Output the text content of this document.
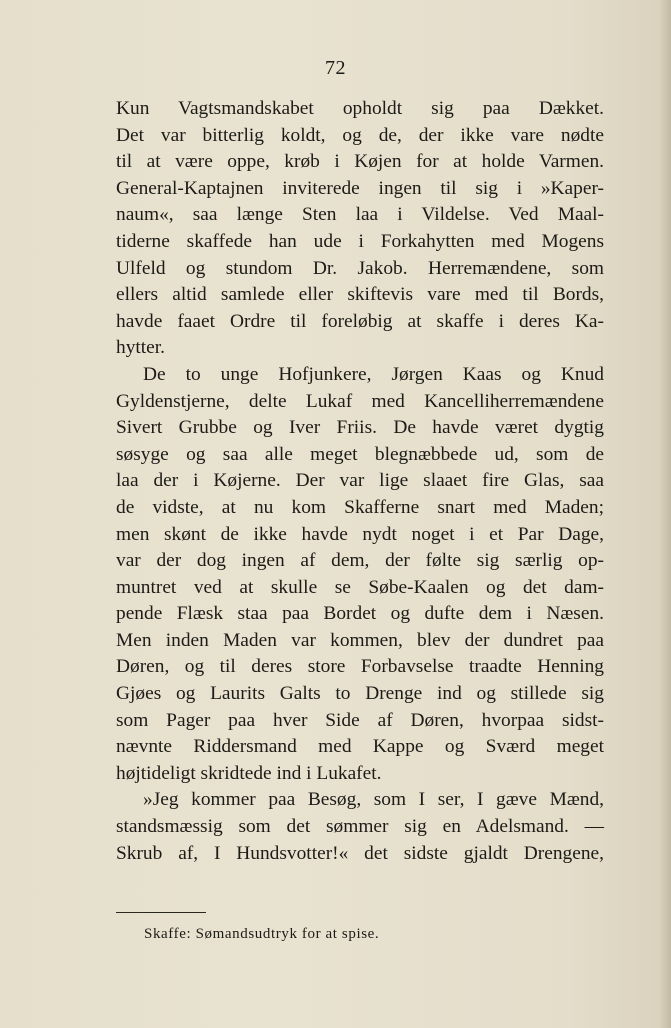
72
Kun Vagtsmandskabet opholdt sig paa Dækket.
Det var bitterlig koldt, og de, der ikke vare nødte
til at være oppe, krøb i Køjen for at holde Varmen.
General-Kaptajnen inviterede ingen til sig i »Kaper-
naum«, saa længe Sten laa i Vildelse. Ved Maal-
tiderne skaffede han ude i Forkahytten med Mogens
Ulfeld og stundom Dr. Jakob. Herremændene, som
ellers altid samlede eller skiftevis vare med til Bords,
havde faaet Ordre til foreløbig at skaffe i deres Ka-
hytter.
De to unge Hofjunkere, Jørgen Kaas og Knud
Gyldenstjerne, delte Lukaf med Kancelliherremændene
Sivert Grubbe og Iver Friis. De havde været dygtig
søsyge og saa alle meget blegnæbbede ud, som de
laa der i Køjerne. Der var lige slaaet fire Glas, saa
de vidste, at nu kom Skafferne snart med Maden;
men skønt de ikke havde nydt noget i et Par Dage,
var der dog ingen af dem, der følte sig særlig op-
muntret ved at skulle se Søbe-Kaalen og det dam-
pende Flæsk staa paa Bordet og dufte dem i Næsen.
Men inden Maden var kommen, blev der dundret paa
Døren, og til deres store Forbavselse traadte Henning
Gjøes og Laurits Galts to Drenge ind og stillede sig
som Pager paa hver Side af Døren, hvorpaa sidst-
nævnte Riddersmand med Kappe og Sværd meget
højtideligt skridtede ind i Lukafet.
»Jeg kommer paa Besøg, som I ser, I gæve Mænd,
standsmæssig som det sømmer sig en Adelsmand. —
Skrub af, I Hundsvotter!« det sidste gjaldt Drengene,
Skaffe: Sømandsudtryk for at spise.
